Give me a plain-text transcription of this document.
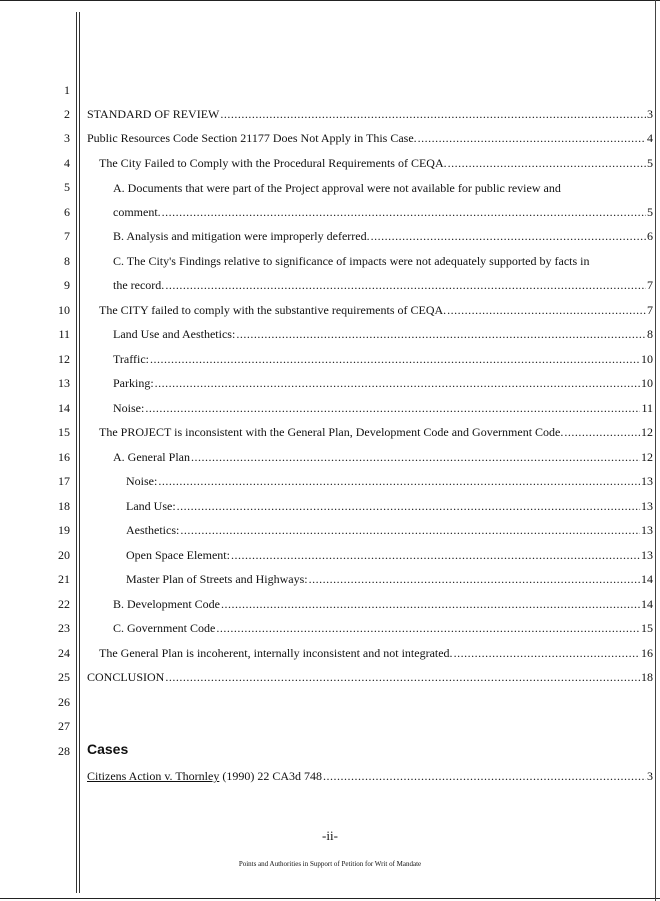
1
2
3
4
5
6
7
8
9
10
11
12
13
14
15
16
17
18
19
20
21
22
23
24
25
26
27
28
STANDARD OF REVIEW .....	3
Public Resources Code Section 21177 Does Not Apply in This Case. .....	4
The City Failed to Comply with the Procedural Requirements of CEQA. .....	5
A. Documents that were part of the Project approval were not available for public review and
comment. .....	5
B. Analysis and mitigation were improperly deferred. .....	6
C. The City's Findings relative to significance of impacts were not adequately supported by facts in
the record. .....	7
The CITY failed to comply with the substantive requirements of CEQA. .....	7
Land Use and Aesthetics: .....	8
Traffic: .....	10
Parking: .....	10
Noise: .....	11
The PROJECT is inconsistent with the General Plan, Development Code and Government Code. .....	12
A. General Plan .....	12
Noise: .....	13
Land Use: .....	13
Aesthetics: .....	13
Open Space Element: .....	13
Master Plan of Streets and Highways: .....	14
B. Development Code .....	14
C. Government Code .....	15
The General Plan is incoherent, internally inconsistent and not integrated. .....	16
CONCLUSION .....	18
Cases
Citizens Action v. Thornley (1990) 22 CA3d 748 .....	3
-ii-
Points and Authorities in Support of Petition for Writ of Mandate
